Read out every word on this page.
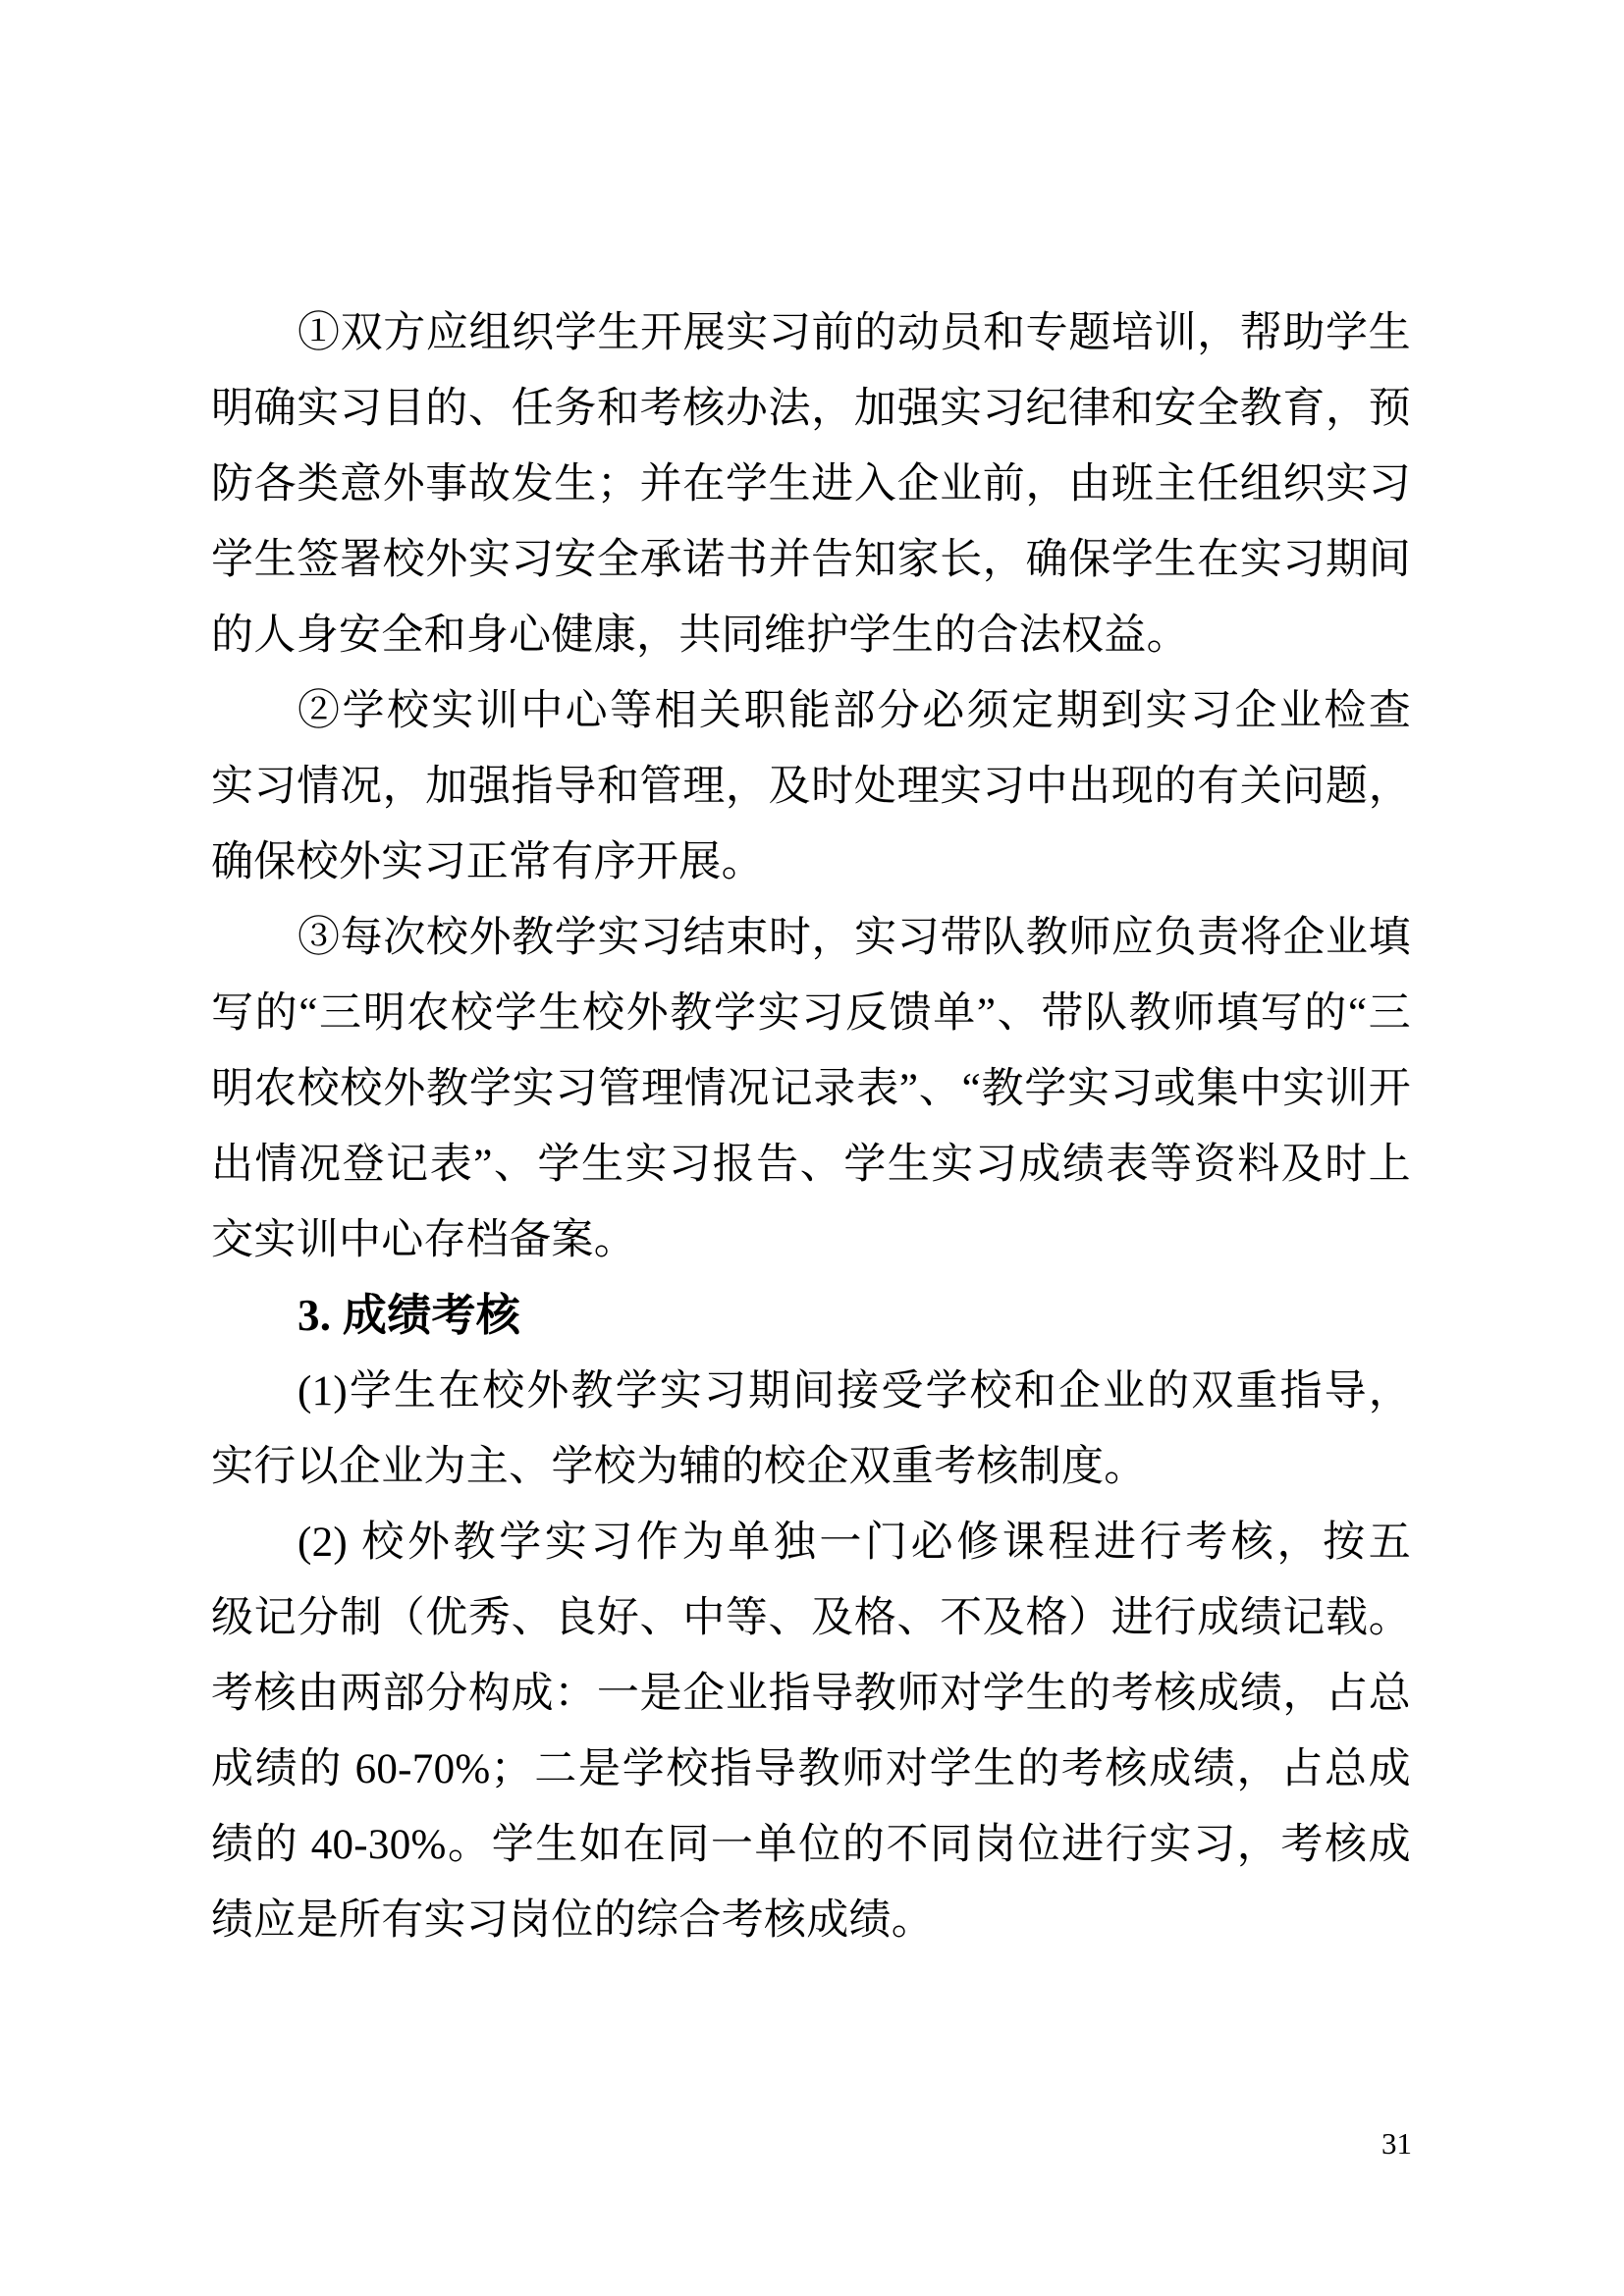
①双方应组织学生开展实习前的动员和专题培训，帮助学生
明确实习目的、任务和考核办法，加强实习纪律和安全教育，预
防各类意外事故发生；并在学生进入企业前，由班主任组织实习
学生签署校外实习安全承诺书并告知家长，确保学生在实习期间
的人身安全和身心健康，共同维护学生的合法权益。
②学校实训中心等相关职能部分必须定期到实习企业检查
实习情况，加强指导和管理，及时处理实习中出现的有关问题，
确保校外实习正常有序开展。
③每次校外教学实习结束时，实习带队教师应负责将企业填
写的“三明农校学生校外教学实习反馈单”、带队教师填写的“三
明农校校外教学实习管理情况记录表”、“教学实习或集中实训开
出情况登记表”、学生实习报告、学生实习成绩表等资料及时上
交实训中心存档备案。
3. 成绩考核
(1)学生在校外教学实习期间接受学校和企业的双重指导，
实行以企业为主、学校为辅的校企双重考核制度。
(2) 校外教学实习作为单独一门必修课程进行考核，按五
级记分制（优秀、良好、中等、及格、不及格）进行成绩记载。
考核由两部分构成：一是企业指导教师对学生的考核成绩，占总
成绩的 60-70%；二是学校指导教师对学生的考核成绩，占总成
绩的 40-30%。学生如在同一单位的不同岗位进行实习，考核成
绩应是所有实习岗位的综合考核成绩。
31
